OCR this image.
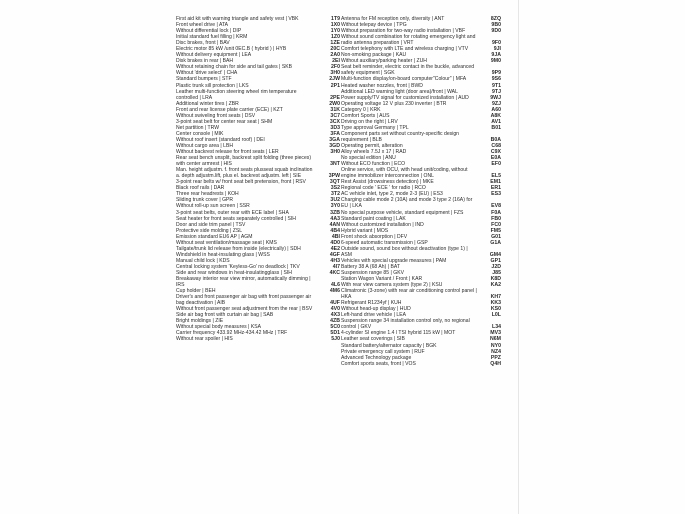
First aid kit with warning triangle and safety vest | VBK	1T9
Front wheel drive | ATA	1X0
Without differential lock | DIP	1Y0
Initial standard fuel filling | KRM	1Z0
Disc brakes, front | BAV	1ZE
Electric motor 85 kW /unit 0EC.B ( hybrid ) | HYB	20C
Without delivery equipment | LEA	2A0
Disk brakes in rear | BAH	2EI
Without retaining chain for side and tail gates | SKB	2F0
Without 'drive select' | CHA	3H0
Standard bumpers | STF	2JW
Plastic trunk sill protection | LKS	2P1
Leather multi-function steering wheel rim temperature controlled | LRA	2PE
Additional winter tires | ZBR	2W0
Front and rear license plate carrier (ECE) | KZT	31K
Without swiveling front seats | DSV	3C7
3-point seat belt for center rear seat | SHM	3CX
Net partition | TRW	3D3
Center console | MIK	3FA
Without roof insert (standard roof) | DEI	3GA
Without cargo area | LBH	3GD
Without backrest release for front seats | LER	3H0
Rear seat bench unsplit, backrest split folding (three pieces) with center armrest | HIS	3NT
Man. height adjustm. f. front seats plusseat squab inclination a. depth adjustm.lift, plus el. backrest adjustm. left | SIE	3PW
3-point rear belts w/ front seat belt pretension, front | RSV	3QT
Black roof rails | DAR	3S2
Three rear headrests | KOH	3T2
Sliding trunk cover | GPR	3U2
Without roll-up sun screen | SSR	3Y0
3-point seat belts, outer rear with ECE label | SHA	3ZB
Seat heater for front seats separately controlled | SIH	4A3
Door and side trim panel | TSV	4AN
Protective side molding | ZSL	4B4
Emission standard EU6 AP | AGM	4BI
Without seat ventilation/massage seat | KMS	4D0
Tailgate/trunk lid release from inside (electrically) | SDH	4E2
Windshield in heat-insulating glass | WSS	4GF
Manual child lock | KDS	4H3
Central locking system 'Keyless-Go' no deadlock | TKV	4I7
Side and rear windows in heat-insulatingglass | SIH	4KC
Breakaway interior rear view mirror, automatically dimming | IRS	4L6
Cup holder | BEH	4M6
Driver's and front passenger air bag with front passenger air bag deactivation | AIB	4UF
Without front passenger seat adjustment from the rear | BSV	4V0
Side air bag front with curtain air bag | SAB	4X3
Bright moldings | ZIE	4ZB
Without special body measures | KSA	5C0
Carrier frequency 433.92 MHz-434.42 MHz | TRF	5D1
Without rear spoiler | HIS	5J0
Antenna for FM reception only, diversity | ANT	8ZQ
Without telepay device | TPG	9B0
Without preparation for two-way radio installation | VBF	9D0
Without sound combination for rotating emergency light and radio antenna preparation | VRT	9F0
Comfort telephony with LTE and wireless charging | VTV	9JI
Non-smoking package | KAU	9JA
Without auxiliary/parking heater | ZUH	9M0
Seat belt reminder, electric contact in the buckle, advanced safety equipment | SGK	9P9
Multi-function display/on-board computer"Colour" | MFA	9S6
Heated washer nozzles, front | BWD	9T1
Additional LED warning light (door area)/front | WAL	9TJ
Power supply/TV signal for customized installation | AUD	9WJ
Operating voltage 12 V plus 230 inverter | BTR	9ZJ
Category 0 | KRK	A60
Comfort Sports | AUS	A8K
Driving on the right | LRV	AV1
Type approval Germany | TPL	B01
Component parts set without country-specific design requirement | BLB	B0A
Operating permit, alteration	C68
Alloy wheels 7.5J x 17 | RAD	C9X
No special edition | ANU	E0A
Without ECO function | ECO	EF0
Online service, with OCU, with head unit/coding, without engine immobilizer interconnection | ONL	EL5
Rest Assist (drowsiness detection) | MKE	EM1
Regional code ' ECE ' for radio | RCO	ER1
AC vehicle inlet, type 2, mode 2-3 (EU) | ES3	ES3
Charging cable mode 2 (10A) and mode 3 type 2 (16A) for EU | LKA	EV8
No special purpose vehicle, standard equipment | FZS	F0A
Standard paint coating | LAK	FB0
Without customized installation | IND	FC0
Hybrid variant | MOS	FM5
Front shock absorption | DFV	G01
6-speed automatic transmission | GSP	G1A
Outside sound, sound box without deactivation (type 1) | ASM	GM4
Vehicles with special upgrade measures | PAM	GP1
Battery 38 A (68 Ah) | BAT	J2D
Suspension range 85 | GKV	J85
Station Wagon Variant / Front | KAR	K8D
With rear view camera system (type 2) | KSU	KA2
Climatronic (3-zone) with rear air conditioning control panel | HKA	KH7
Refrigerant R1234yf | KUH	KK3
Without head-up display | HUD	KS0
Left-hand drive vehicle | LEA	L0L
Suspension range 34 installation control only, no regional control | GKV	L34
4-cylinder SI engine 1.4 l TSI hybrid 115 kW | MOT	MV3
Leather seat coverings | SIB	N6M
Standard battery/alternator capacity | BGK	NY0
Private emergency call system | RUF	NZ4
Advanced Technology package	PPZ
Comfort sports seats, front | VOS	Q4H
